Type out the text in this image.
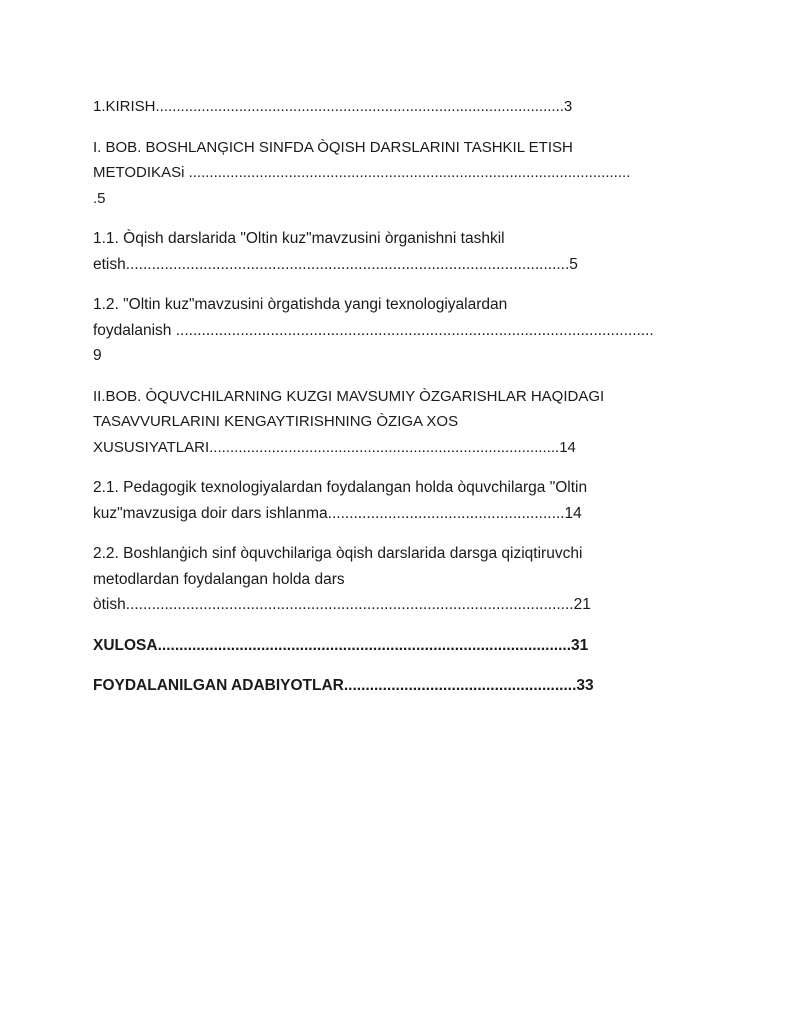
1.KIRISH..................................................................................................3
I. BOB. BOSHLANĢICH SINFDA ÒQISH DARSLARINI TASHKIL ETISH
METODIKASi ..........................................................................................................
.5
1.1. Òqish darslarida "Oltin kuz"mavzusini òrganishni tashkil
etish.......................................................................................................5
1.2. "Oltin kuz"mavzusini òrgatishda yangi texnologiyalardan
foydalanish ...............................................................................................................
9
II.BOB. ÒQUVCHILARNING KUZGI MAVSUMIY ÒZGARISHLAR HAQIDAGI
TASAVVURLARINI KENGAYTIRISHNING ÒZIGA XOS
XUSUSIYATLARI....................................................................................14
2.1. Pedagogik texnologiyalardan foydalangan holda òquvchilarga "Oltin
kuz"mavzusiga doir dars ishlanma.......................................................14
2.2. Boshlanģich sinf òquvchilariga òqish darslarida darsga qiziqtiruvchi
metodlardan foydalangan holda dars
òtish........................................................................................................21
XULOSA................................................................................................31
FOYDALANILGAN ADABIYOTLAR......................................................33
